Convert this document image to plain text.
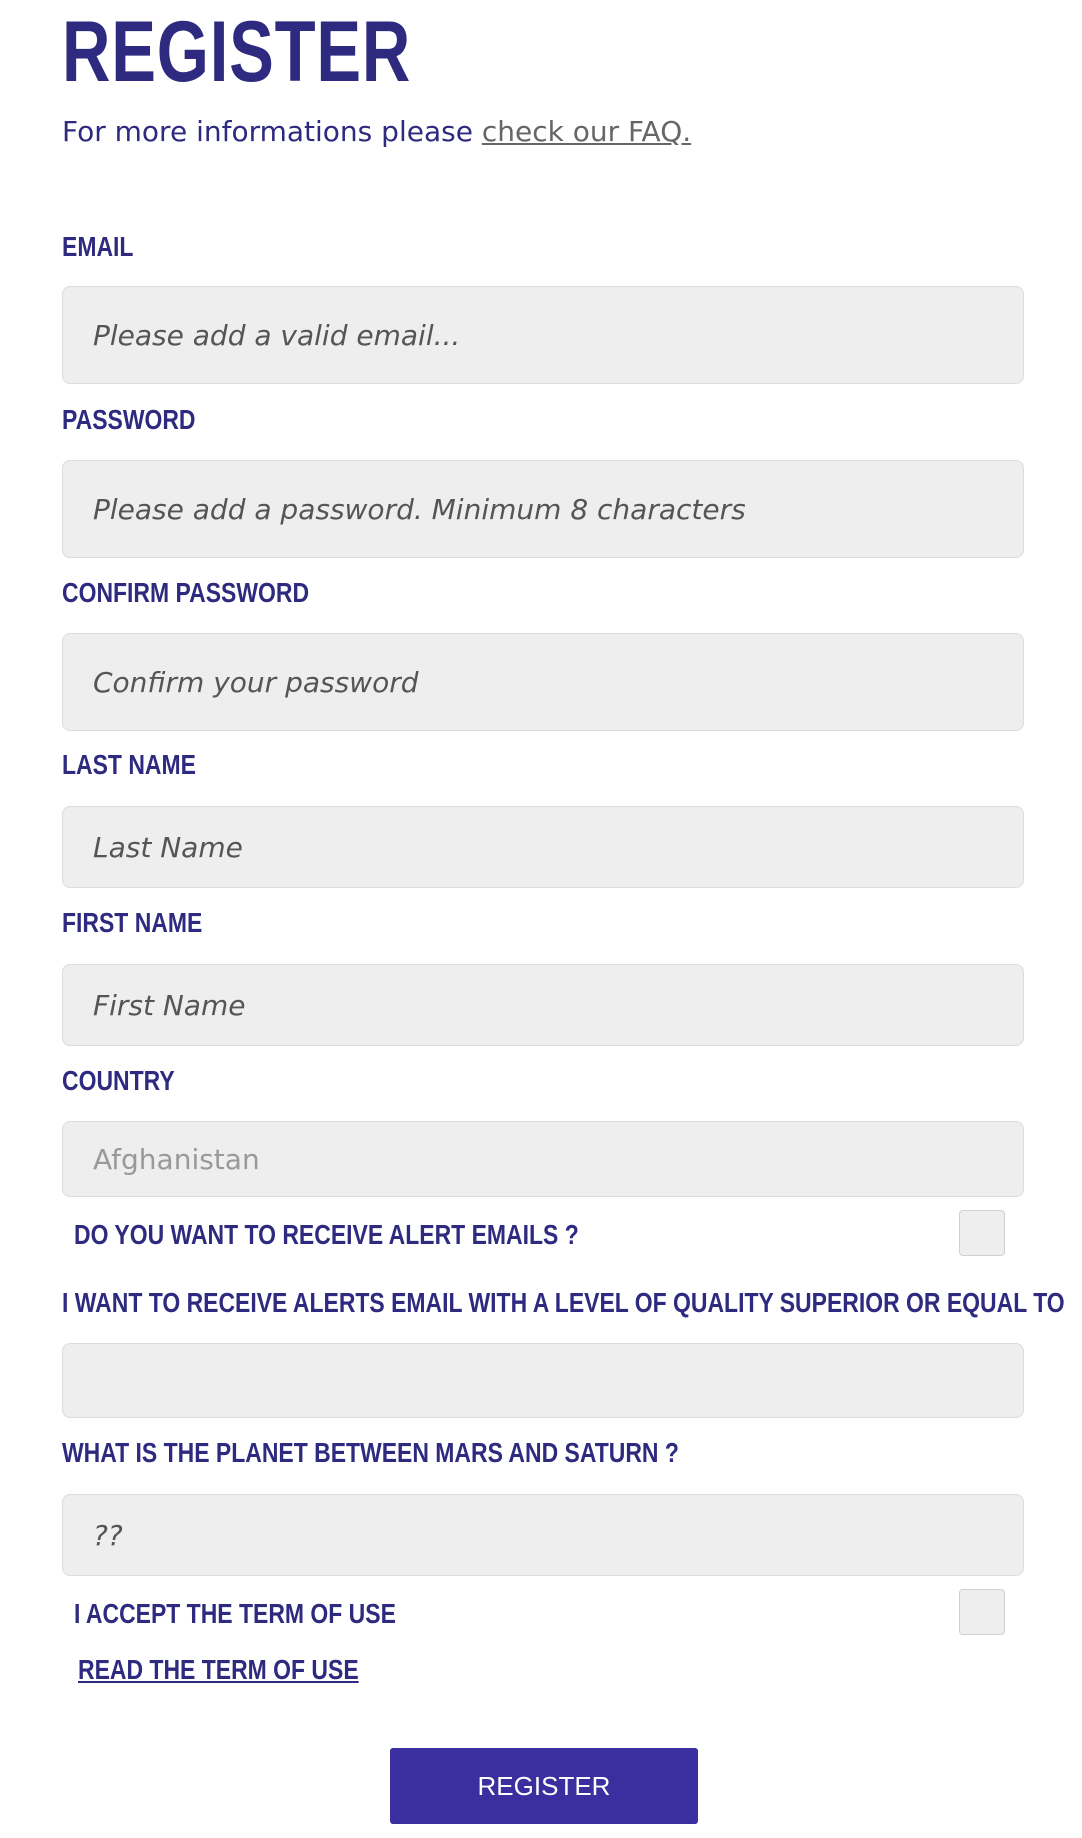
REGISTER
For more informations please check our FAQ.
EMAIL
Please add a valid email...
PASSWORD
Please add a password. Minimum 8 characters
CONFIRM PASSWORD
Confirm your password
LAST NAME
Last Name
FIRST NAME
First Name
COUNTRY
Afghanistan
DO YOU WANT TO RECEIVE ALERT EMAILS ?
I WANT TO RECEIVE ALERTS EMAIL WITH A LEVEL OF QUALITY SUPERIOR OR EQUAL TO
WHAT IS THE PLANET BETWEEN MARS AND SATURN ?
??
I ACCEPT THE TERM OF USE
READ THE TERM OF USE
REGISTER
